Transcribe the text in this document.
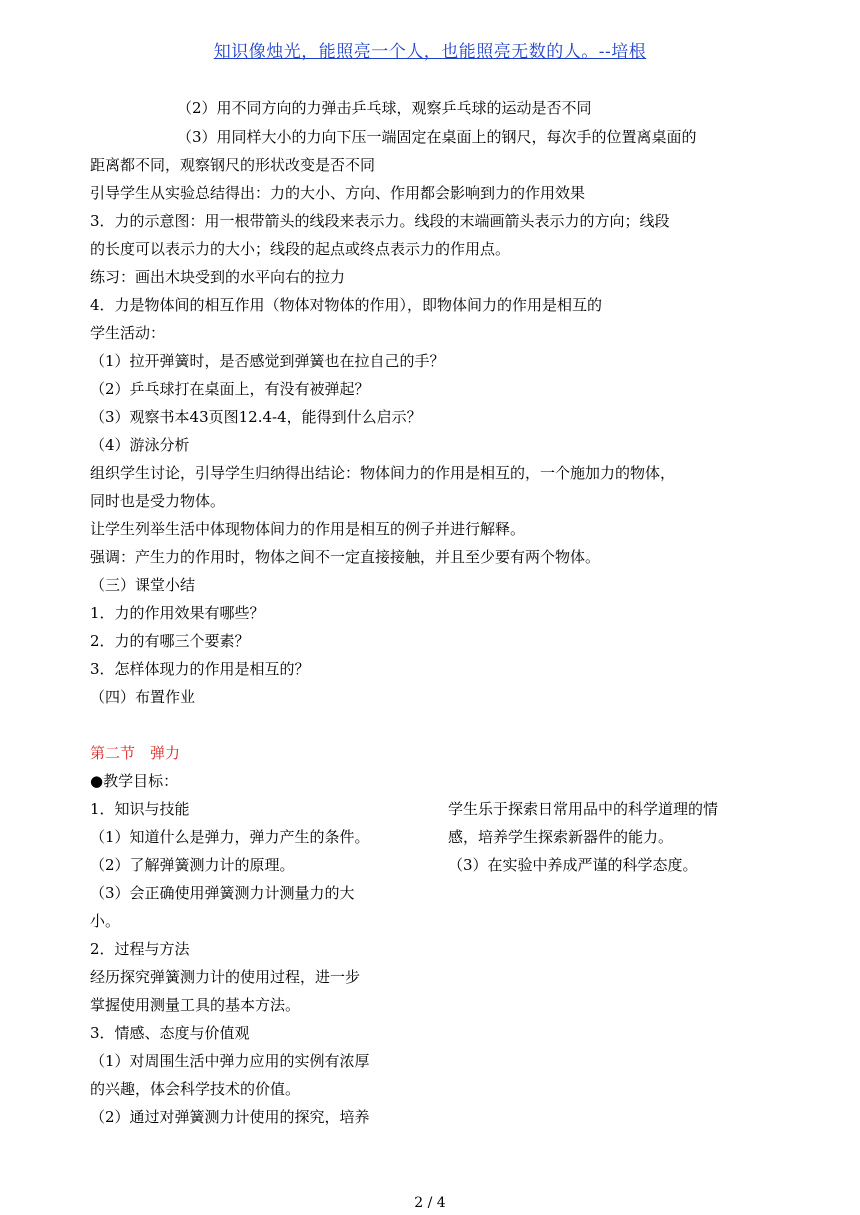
知识像烛光，能照亮一个人，也能照亮无数的人。--培根
（2）用不同方向的力弹击乒乓球，观察乒乓球的运动是否不同
（3）用同样大小的力向下压一端固定在桌面上的钢尺，每次手的位置离桌面的
距离都不同，观察钢尺的形状改变是否不同
引导学生从实验总结得出：力的大小、方向、作用都会影响到力的作用效果
3．力的示意图：用一根带箭头的线段来表示力。线段的末端画箭头表示力的方向；线段
的长度可以表示力的大小；线段的起点或终点表示力的作用点。
练习：画出木块受到的水平向右的拉力
4．力是物体间的相互作用（物体对物体的作用），即物体间力的作用是相互的
学生活动：
（1）拉开弹簧时，是否感觉到弹簧也在拉自己的手？
（2）乒乓球打在桌面上，有没有被弹起？
（3）观察书本43页图12.4-4，能得到什么启示？
（4）游泳分析
组织学生讨论，引导学生归纳得出结论：物体间力的作用是相互的，一个施加力的物体，
同时也是受力物体。
让学生列举生活中体现物体间力的作用是相互的例子并进行解释。
强调：产生力的作用时，物体之间不一定直接接触，并且至少要有两个物体。
（三）课堂小结
1．力的作用效果有哪些？
2．力的有哪三个要素？
3．怎样体现力的作用是相互的？
（四）布置作业
第二节　弹力
●教学目标：
1．知识与技能
（1）知道什么是弹力，弹力产生的条件。
（2）了解弹簧测力计的原理。
（3）会正确使用弹簧测力计测量力的大
小。
2．过程与方法
经历探究弹簧测力计的使用过程，进一步
掌握使用测量工具的基本方法。
3．情感、态度与价值观
（1）对周围生活中弹力应用的实例有浓厚
的兴趣，体会科学技术的价值。
（2）通过对弹簧测力计使用的探究，培养
学生乐于探索日常用品中的科学道理的情
感，培养学生探索新器件的能力。
（3）在实验中养成严谨的科学态度。
2 / 4
